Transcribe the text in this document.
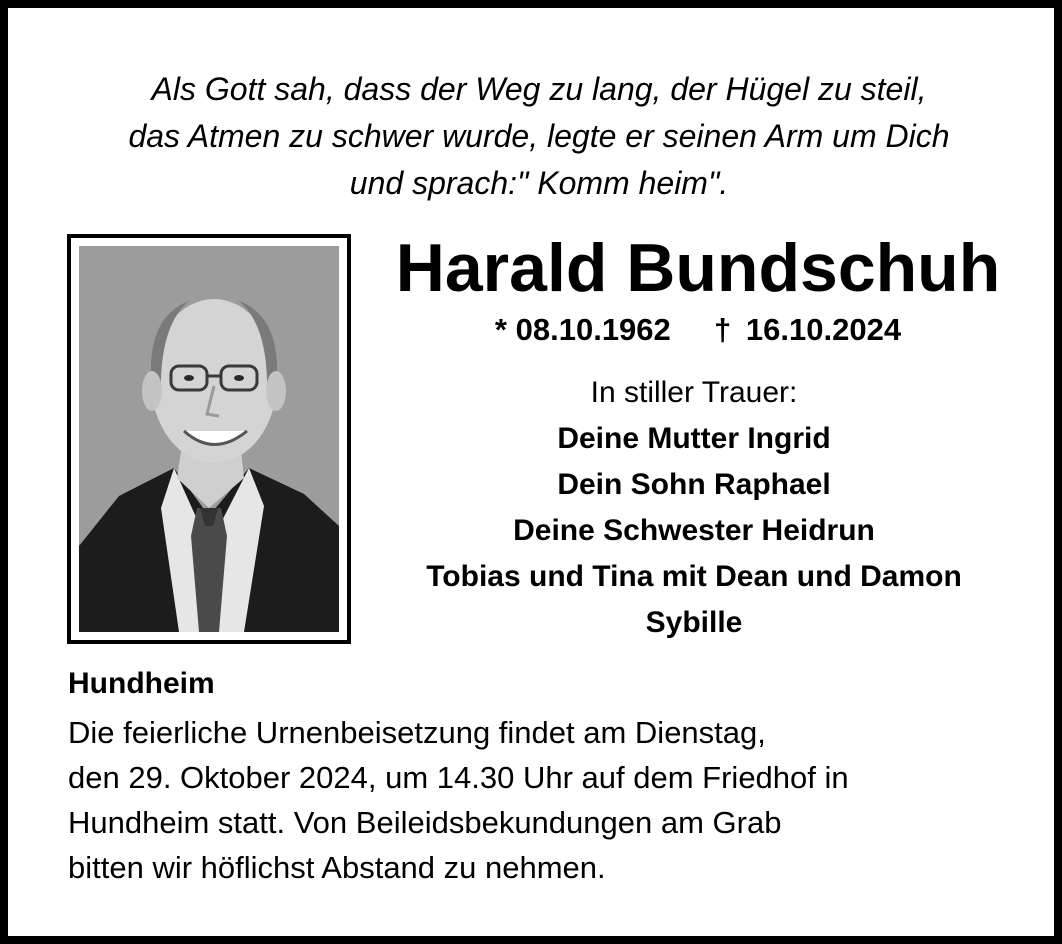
Als Gott sah, dass der Weg zu lang, der Hügel zu steil,
das Atmen zu schwer wurde, legte er seinen Arm um Dich
und sprach:" Komm heim".
Harald Bundschuh
* 08.10.1962 † 16.10.2024
In stiller Trauer:
Deine Mutter Ingrid
Dein Sohn Raphael
Deine Schwester Heidrun
Tobias und Tina mit Dean und Damon
Sybille
Hundheim
Die feierliche Urnenbeisetzung findet am Dienstag,
den 29. Oktober 2024, um 14.30 Uhr auf dem Friedhof in
Hundheim statt. Von Beileidsbekundungen am Grab
bitten wir höflichst Abstand zu nehmen.
